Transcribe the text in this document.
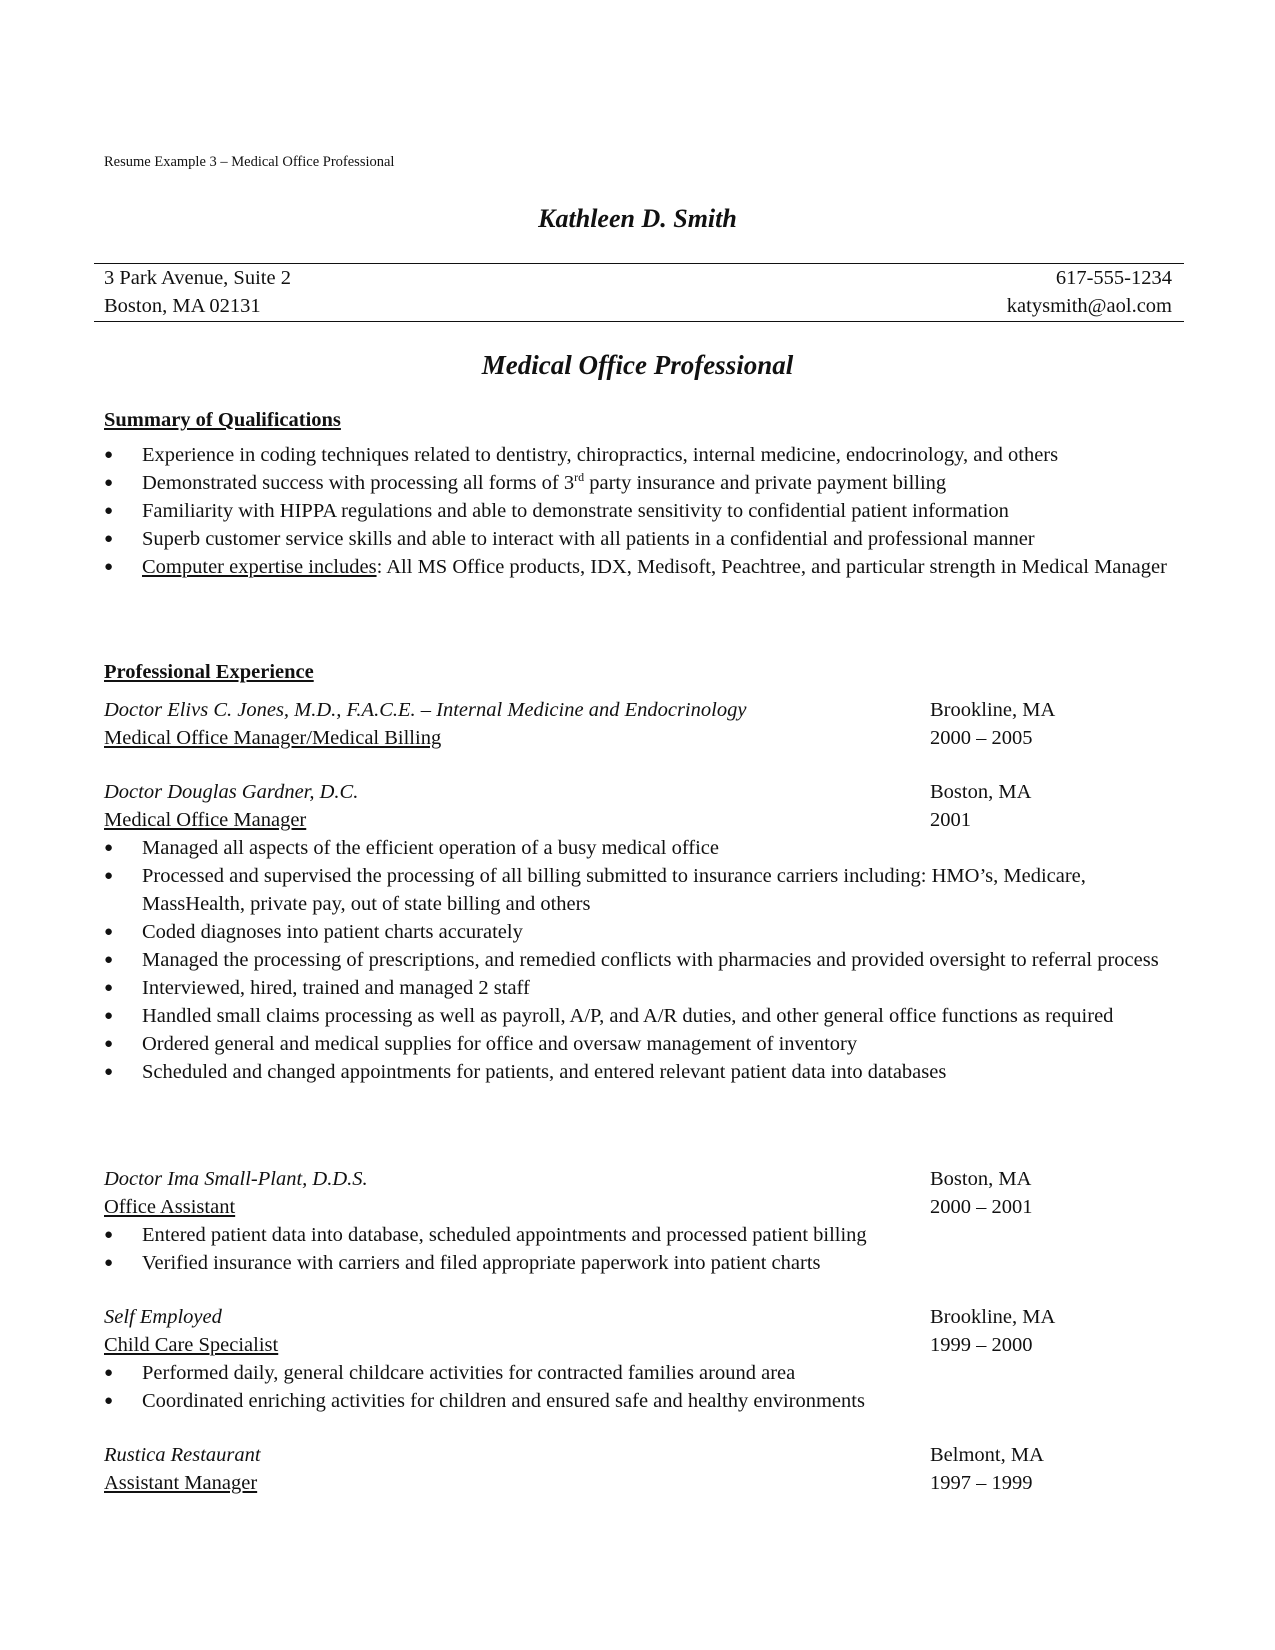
Resume Example 3 – Medical Office Professional
Kathleen D. Smith
3 Park Avenue, Suite 2	617-555-1234
Boston, MA 02131	katysmith@aol.com
Medical Office Professional
Summary of Qualifications
● Experience in coding techniques related to dentistry, chiropractics, internal medicine, endocrinology, and others
● Demonstrated success with processing all forms of 3rd party insurance and private payment billing
● Familiarity with HIPPA regulations and able to demonstrate sensitivity to confidential patient information
● Superb customer service skills and able to interact with all patients in a confidential and professional manner
● Computer expertise includes: All MS Office products, IDX, Medisoft, Peachtree, and particular strength in Medical Manager
Professional Experience
Doctor Elivs C. Jones, M.D., F.A.C.E. – Internal Medicine and Endocrinology	Brookline, MA
Medical Office Manager/Medical Billing	2000 – 2005
Doctor Douglas Gardner, D.C.	Boston, MA
Medical Office Manager	2001
● Managed all aspects of the efficient operation of a busy medical office
● Processed and supervised the processing of all billing submitted to insurance carriers including: HMO’s, Medicare, MassHealth, private pay, out of state billing and others
● Coded diagnoses into patient charts accurately
● Managed the processing of prescriptions, and remedied conflicts with pharmacies and provided oversight to referral process
● Interviewed, hired, trained and managed 2 staff
● Handled small claims processing as well as payroll, A/P, and A/R duties, and other general office functions as required
● Ordered general and medical supplies for office and oversaw management of inventory
● Scheduled and changed appointments for patients, and entered relevant patient data into databases
Doctor Ima Small-Plant, D.D.S.	Boston, MA
Office Assistant	2000 – 2001
● Entered patient data into database, scheduled appointments and processed patient billing
● Verified insurance with carriers and filed appropriate paperwork into patient charts
Self Employed	Brookline, MA
Child Care Specialist	1999 – 2000
● Performed daily, general childcare activities for contracted families around area
● Coordinated enriching activities for children and ensured safe and healthy environments
Rustica Restaurant	Belmont, MA
Assistant Manager	1997 – 1999
